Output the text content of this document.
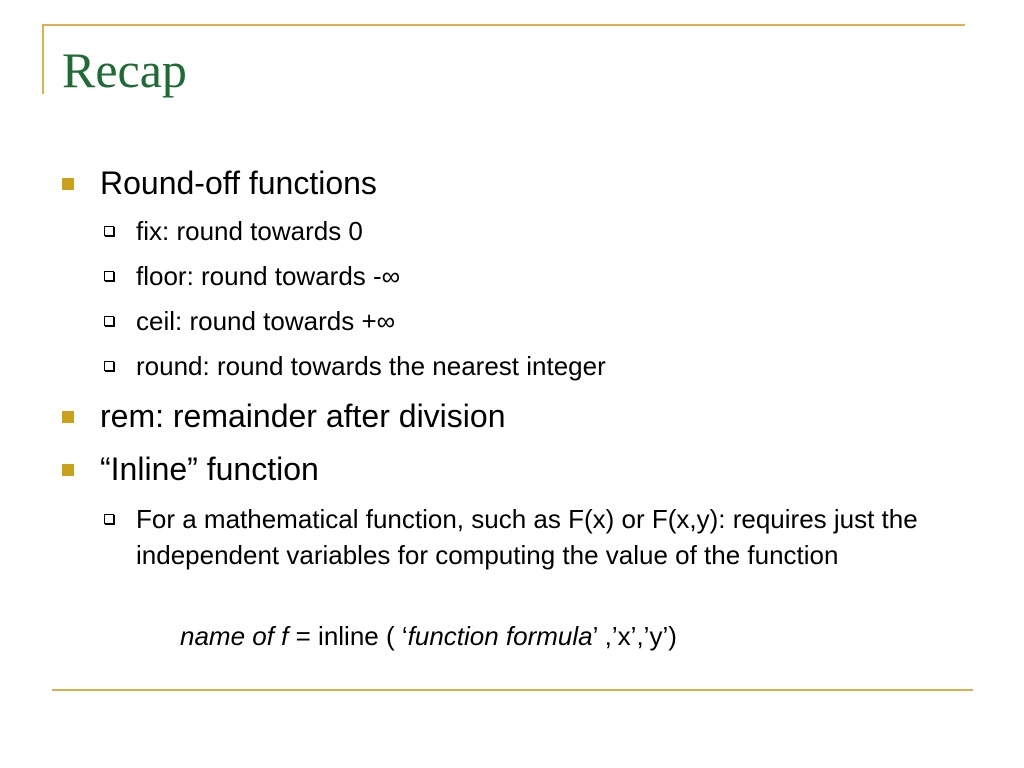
Recap
Round-off functions
fix: round towards 0
floor: round towards -∞
ceil: round towards +∞
round: round towards the nearest integer
rem: remainder after division
“Inline” function
For a mathematical function, such as F(x) or F(x,y): requires just the independent variables for computing the value of the function
name of f = inline ( ‘function formula’ ,’x’,’y’)
